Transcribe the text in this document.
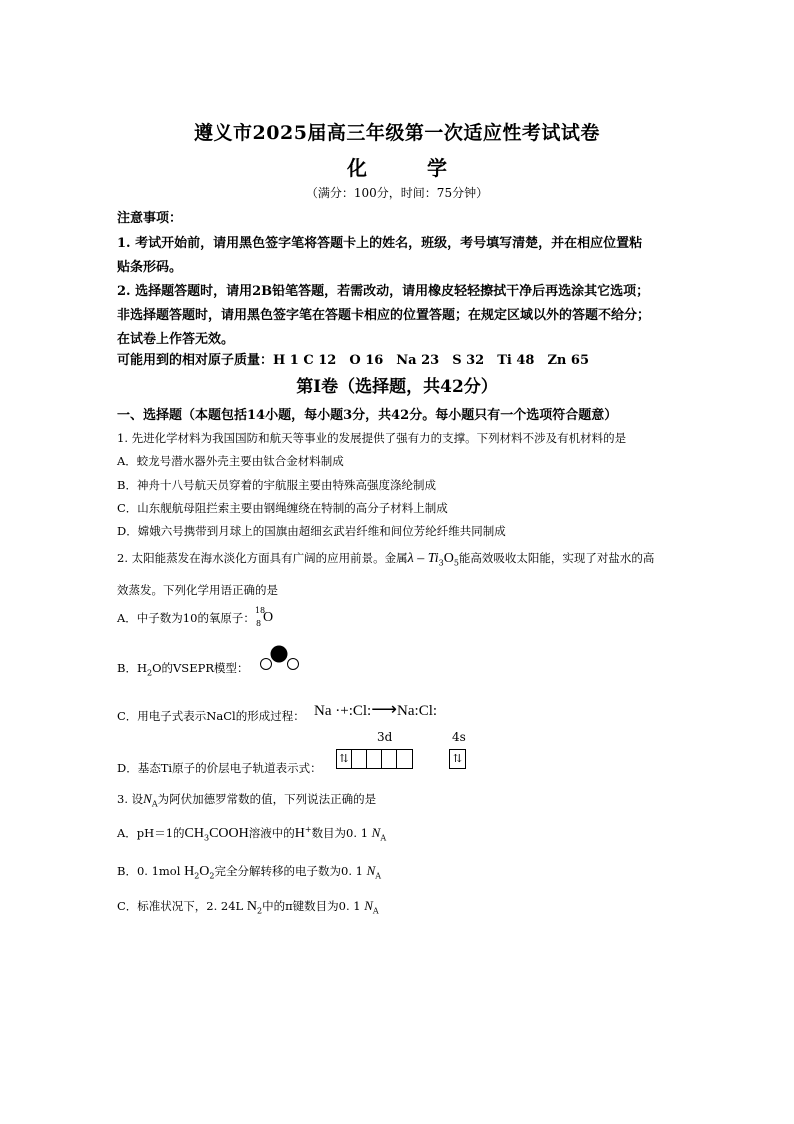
遵义市2025届高三年级第一次适应性考试试卷
化	学
（满分：100分，时间：75分钟）
注意事项：
1. 考试开始前，请用黑色签字笔将答题卡上的姓名，班级，考号填写清楚，并在相应位置粘
贴条形码。
2. 选择题答题时，请用2B铅笔答题，若需改动，请用橡皮轻轻擦拭干净后再选涂其它选项；
非选择题答题时，请用黑色签字笔在答题卡相应的位置答题；在规定区域以外的答题不给分；
在试卷上作答无效。
可能用到的相对原子质量：H 1 C 12　O 16　Na 23　S 32　Ti 48　Zn 65
第Ⅰ卷（选择题，共42分）
一、选择题（本题包括14小题，每小题3分，共42分。每小题只有一个选项符合题意）
1. 先进化学材料为我国国防和航天等事业的发展提供了强有力的支撑。下列材料不涉及有机材料的是
A．蛟龙号潜水器外壳主要由钛合金材料制成
B．神舟十八号航天员穿着的宇航服主要由特殊高强度涤纶制成
C．山东舰航母阻拦索主要由钢绳缠绕在特制的高分子材料上制成
D．嫦娥六号携带到月球上的国旗由超细玄武岩纤维和间位芳纶纤维共同制成
2. 太阳能蒸发在海水淡化方面具有广阔的应用前景。金属λ – $Ti_3O_5$能高效吸收太阳能，实现了对盐水的高
效蒸发。下列化学用语正确的是
A．中子数为10的氧原子：
18
8 O
B．$H_2O$的VSEPR模型：
C．用电子式表示NaCl的形成过程： Na ·+:Cl:⟶Na:Cl:
D．基态Ti原子的价层电子轨道表示式：
3d	4s
⇅	⇅
3. 设$N_A$为阿伏加德罗常数的值，下列说法正确的是
A．pH＝1的$CH_3COOH$溶液中的H+数目为0. 1 $N_A$
B．0. 1mol $H_2O_2$完全分解转移的电子数为0. 1 $N_A$
C．标准状况下，2. 24L $N_2$中的π键数目为0. 1 $N_A$
